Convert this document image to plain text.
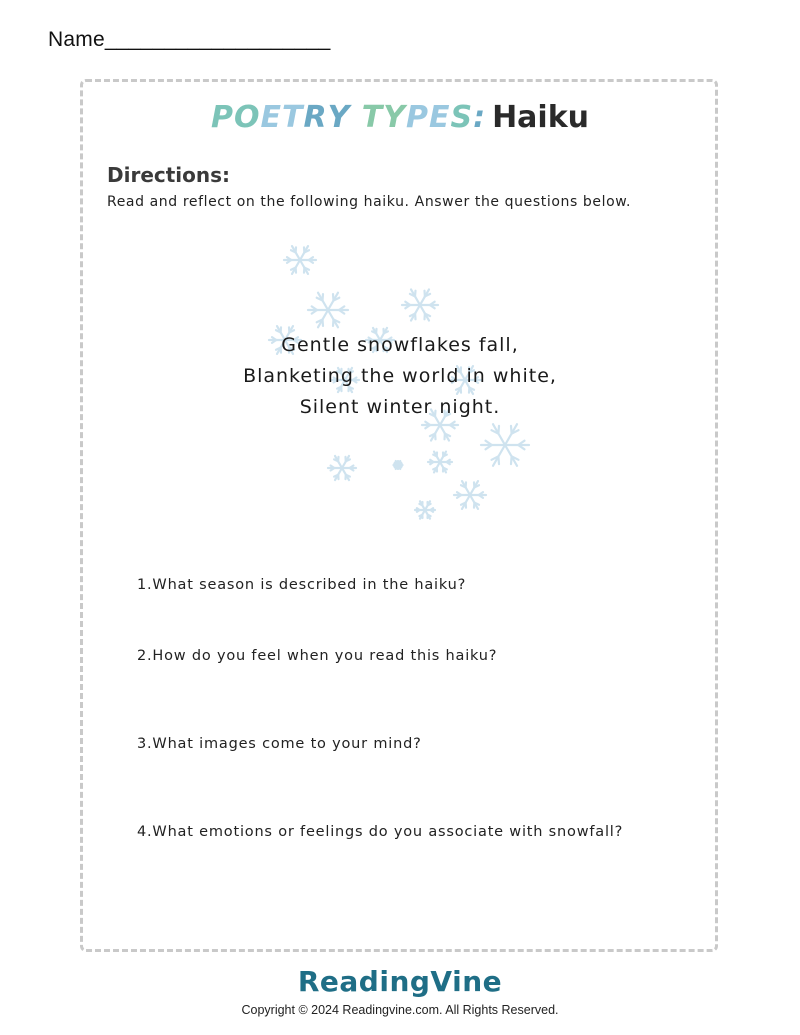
Name___________________
POETRY TYPES: Haiku
Directions:
Read and reflect on the following haiku. Answer the questions below.
Gentle snowflakes fall,
Blanketing the world in white,
Silent winter night.
1.What season is described in the haiku?
2.How do you feel when you read this haiku?
3.What images come to your mind?
4.What emotions or feelings do you associate with snowfall?
ReadingVine
Copyright © 2024 Readingvine.com. All Rights Reserved.
